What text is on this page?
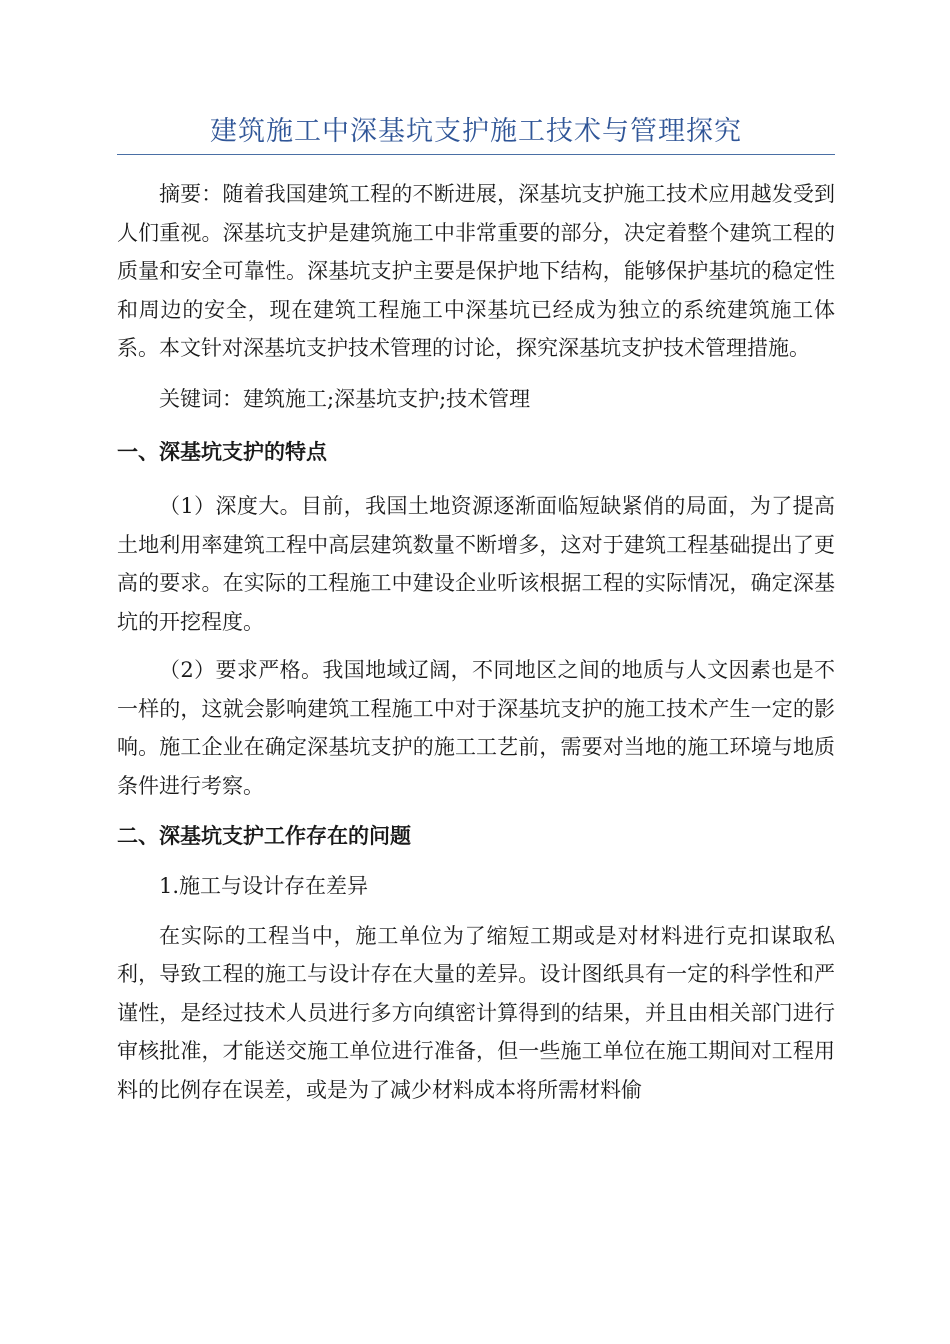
建筑施工中深基坑支护施工技术与管理探究

摘要：随着我国建筑工程的不断进展，深基坑支护施工技术应用越发受到人们重视。深基坑支护是建筑施工中非常重要的部分，决定着整个建筑工程的质量和安全可靠性。深基坑支护主要是保护地下结构，能够保护基坑的稳定性和周边的安全，现在建筑工程施工中深基坑已经成为独立的系统建筑施工体系。本文针对深基坑支护技术管理的讨论，探究深基坑支护技术管理措施。

关键词：建筑施工;深基坑支护;技术管理

一、深基坑支护的特点

（1）深度大。目前，我国土地资源逐渐面临短缺紧俏的局面，为了提高土地利用率建筑工程中高层建筑数量不断增多，这对于建筑工程基础提出了更高的要求。在实际的工程施工中建设企业听该根据工程的实际情况，确定深基坑的开挖程度。

（2）要求严格。我国地域辽阔，不同地区之间的地质与人文因素也是不一样的，这就会影响建筑工程施工中对于深基坑支护的施工技术产生一定的影响。施工企业在确定深基坑支护的施工工艺前，需要对当地的施工环境与地质条件进行考察。

二、深基坑支护工作存在的问题

1.施工与设计存在差异

在实际的工程当中，施工单位为了缩短工期或是对材料进行克扣谋取私利，导致工程的施工与设计存在大量的差异。设计图纸具有一定的科学性和严谨性，是经过技术人员进行多方向缜密计算得到的结果，并且由相关部门进行审核批准，才能送交施工单位进行准备，但一些施工单位在施工期间对工程用料的比例存在误差，或是为了减少材料成本将所需材料偷
